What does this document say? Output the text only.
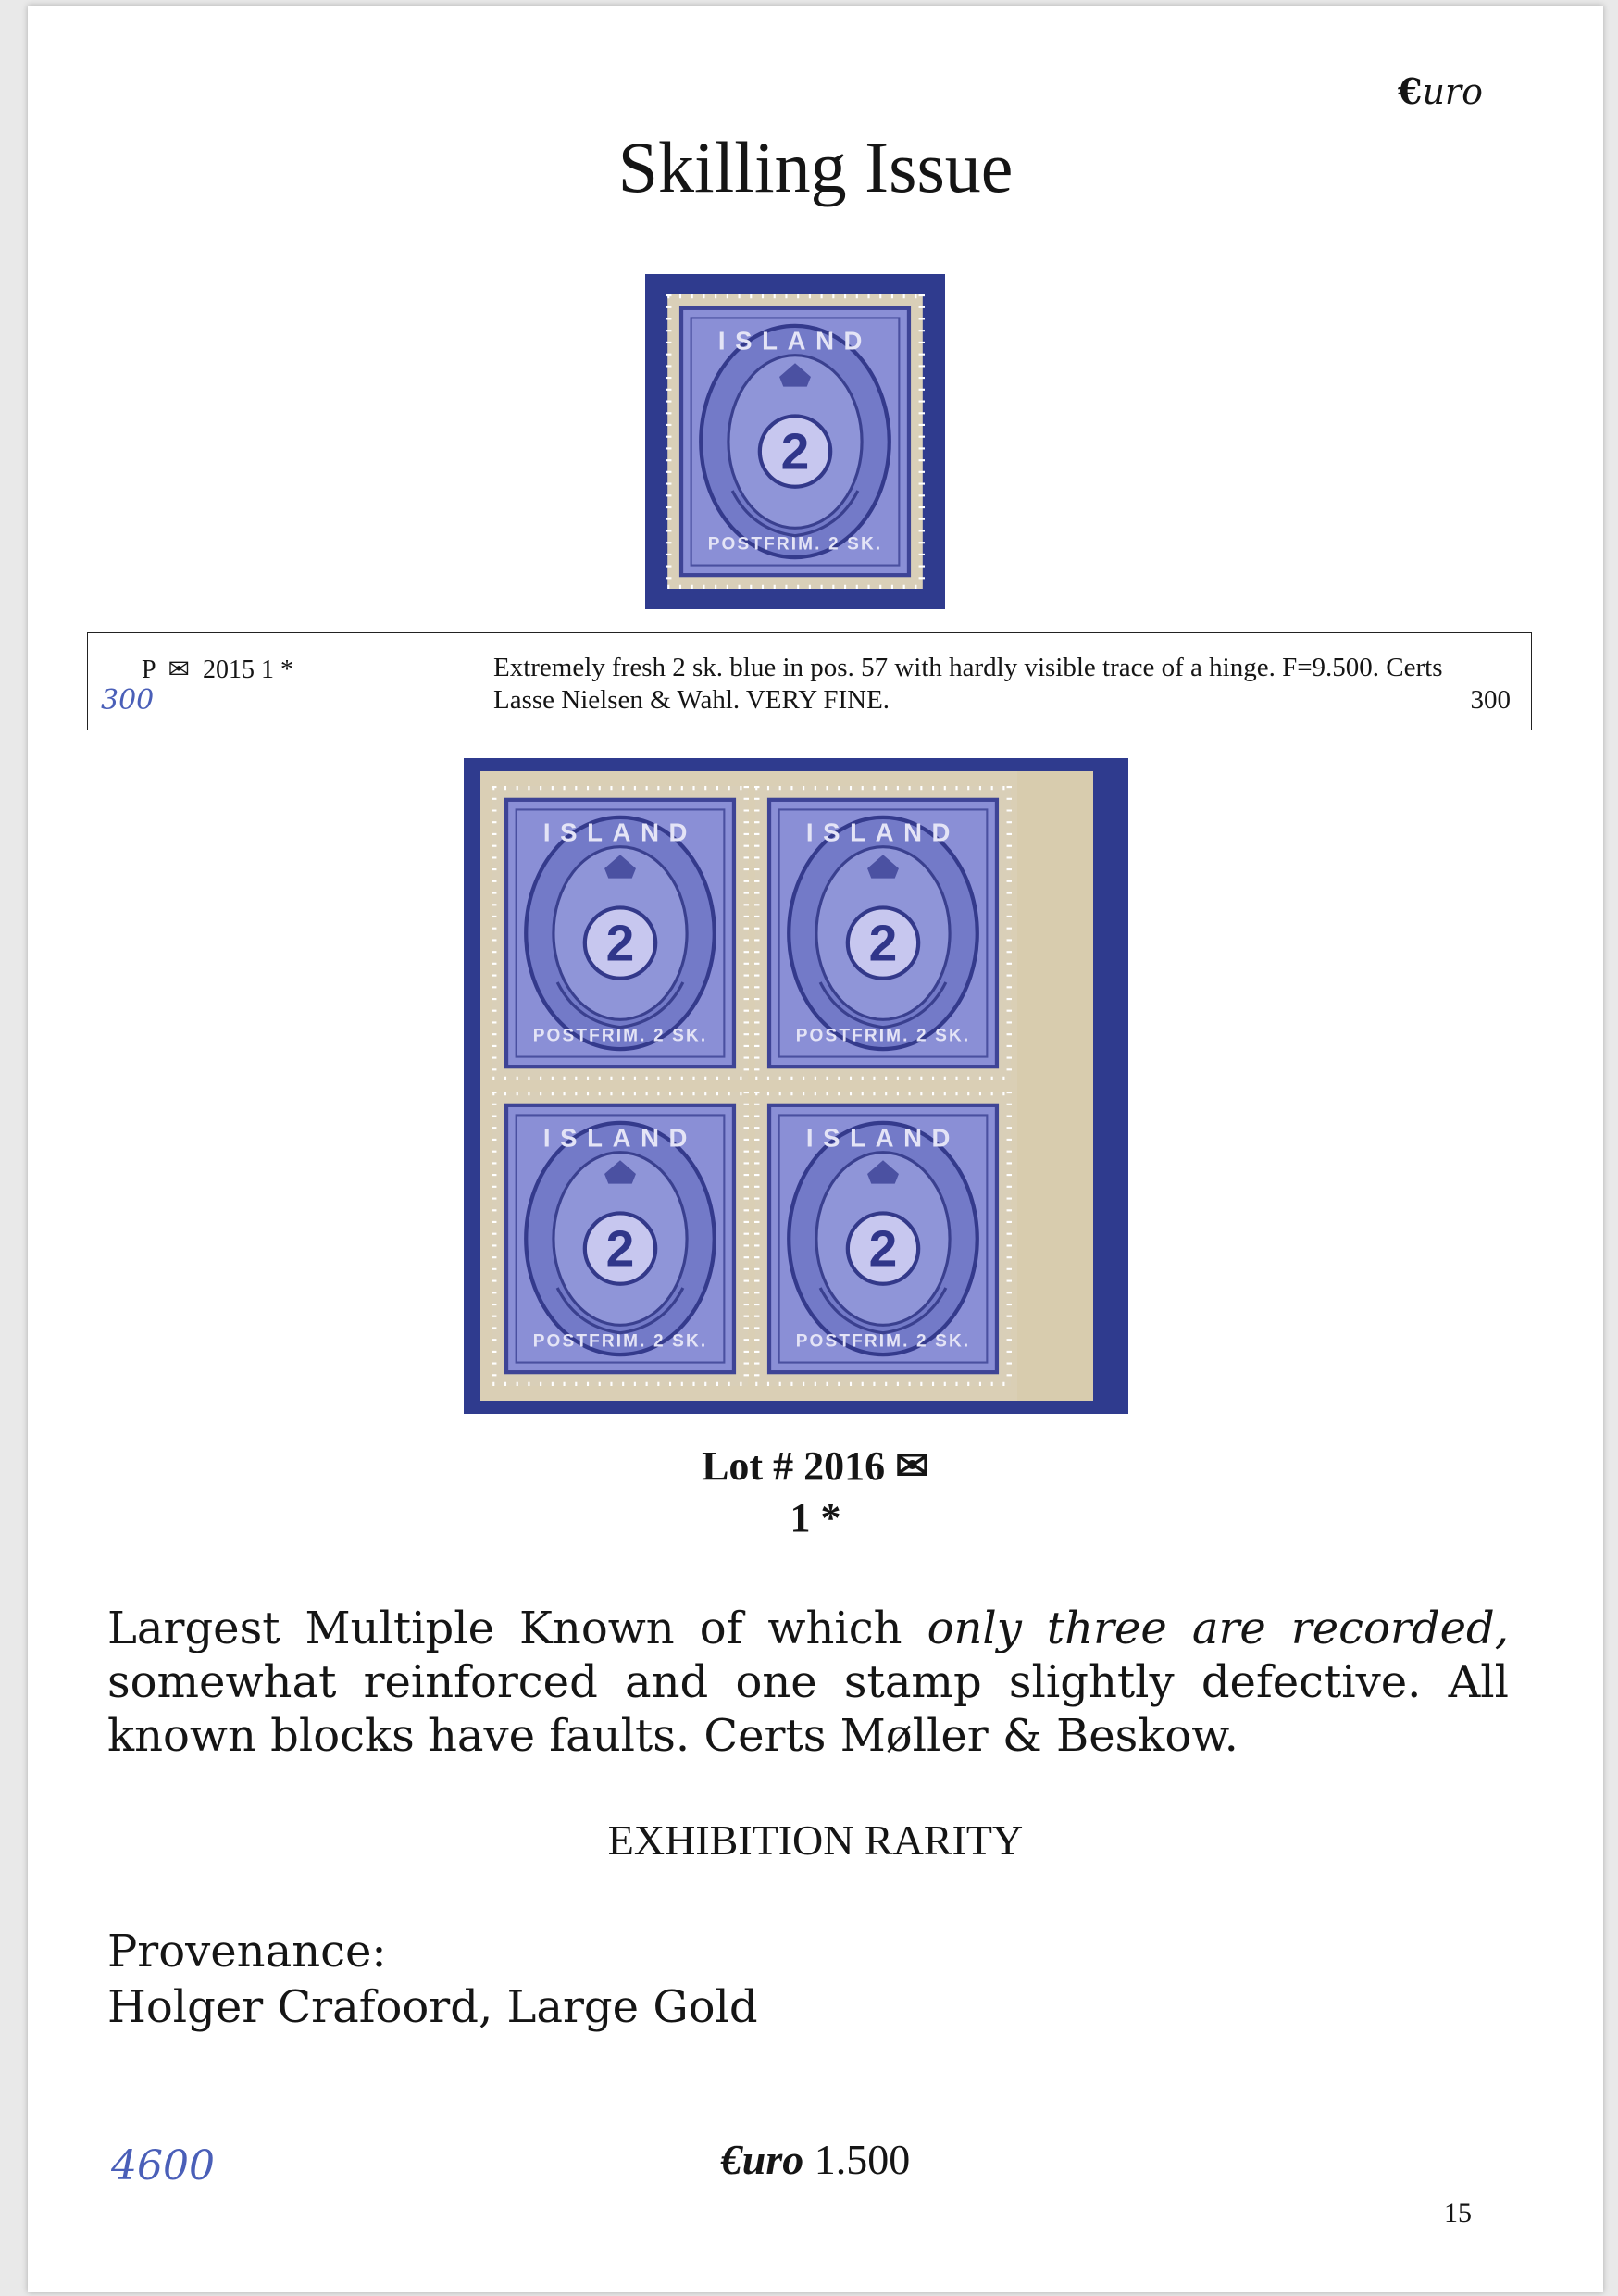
€uro
Skilling Issue
P  ✉  2015 1 *
300
Extremely fresh 2 sk. blue in pos. 57 with hardly visible trace of a hinge. F=9.500. Certs Lasse Nielsen & Wahl. VERY FINE.	300
Lot # 2016 ✉
1 *
Largest Multiple Known of which only three are recorded, somewhat reinforced and one stamp slightly defective. All known blocks have faults. Certs Møller & Beskow.
EXHIBITION RARITY
Provenance:
Holger Crafoord, Large Gold
4600	€uro 1.500
15
